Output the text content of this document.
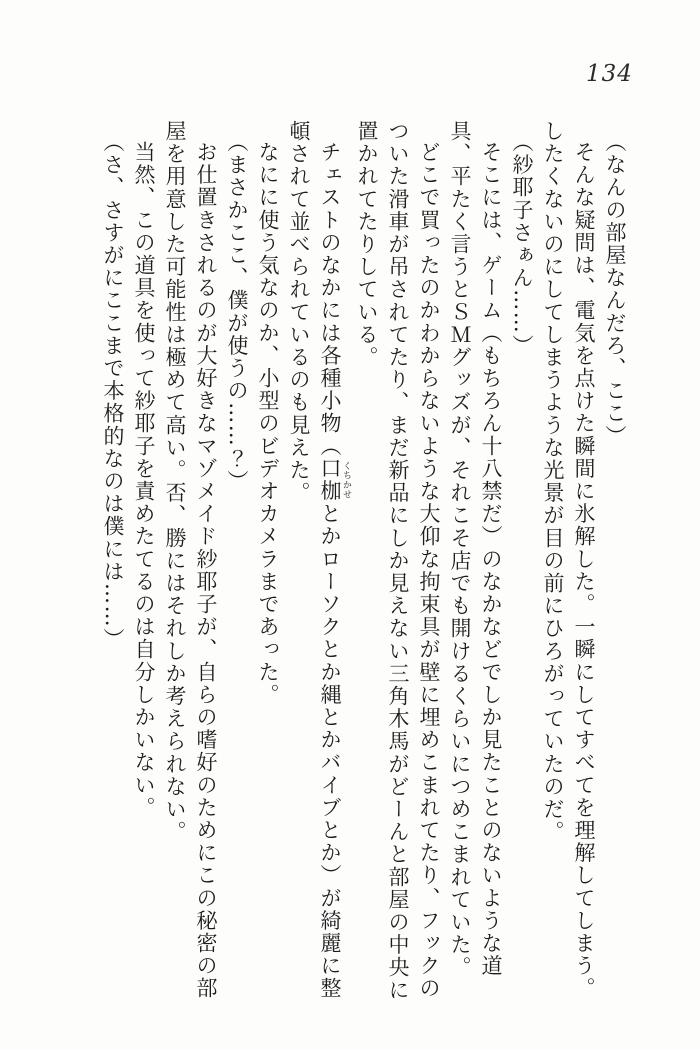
134

（なんの部屋なんだろ、ここ）

そんな疑問は、電気を点けた瞬間に氷解した。一瞬にしてすべてを理解してしまう。したくないのにしてしまうような光景が目の前にひろがっていたのだ。

（紗耶子さぁん……）

そこには、ゲーム（もちろん十八禁だ）のなかなどでしか見たことのないような道具、平たく言うとＳＭグッズが、それこそ店でも開けるくらいにつめこまれていた。

どこで買ったのかわからないような大仰な拘束具が壁に埋めこまれてたり、フックのついた滑車が吊されてたり、まだ新品にしか見えない三角木馬がどーんと部屋の中央に置かれてたりしている。

チェストのなかには各種小物（口枷 くちかせとかローソクとか縄とかバイブとか）が綺麗に整頓されて並べられているのも見えた。

なにに使う気なのか、小型のビデオカメラまであった。

（まさかここ、僕が使うの……？）

お仕置きされるのが大好きなマゾメイド紗耶子が、自らの嗜好のためにこの秘密の部屋を用意した可能性は極めて高い。否、勝にはそれしか考えられない。

当然、この道具を使って紗耶子を責めたてるのは自分しかいない。

（さ、さすがにここまで本格的なのは僕には……）
